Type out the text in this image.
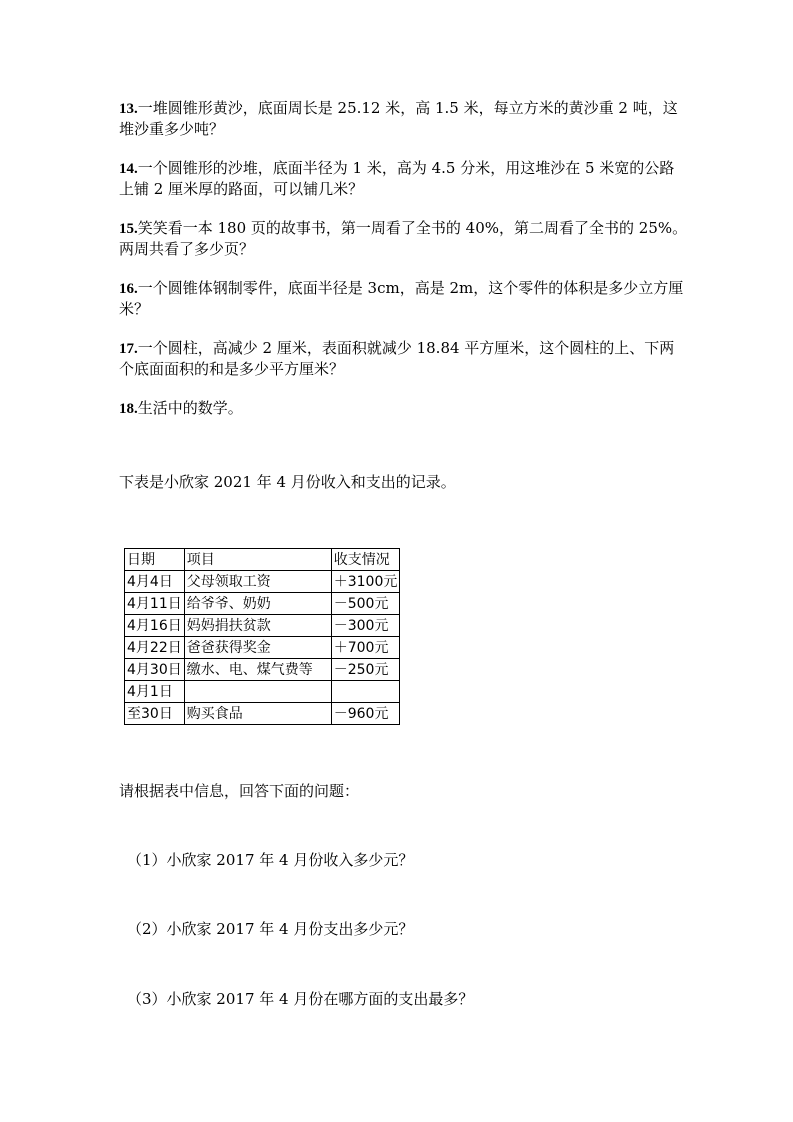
13.一堆圆锥形黄沙，底面周长是 25.12 米，高 1.5 米，每立方米的黄沙重 2 吨，这堆沙重多少吨？
14.一个圆锥形的沙堆，底面半径为 1 米，高为 4.5 分米，用这堆沙在 5 米宽的公路上铺 2 厘米厚的路面，可以铺几米？
15.笑笑看一本 180 页的故事书，第一周看了全书的 40%，第二周看了全书的 25%。两周共看了多少页？
16.一个圆锥体钢制零件，底面半径是 3cm，高是 2m，这个零件的体积是多少立方厘米？
17.一个圆柱，高减少 2 厘米，表面积就减少 18.84 平方厘米，这个圆柱的上、下两个底面面积的和是多少平方厘米？
18.生活中的数学。
下表是小欣家 2021 年 4 月份收入和支出的记录。
日期	项目	收支情况
4月4日	父母领取工资	＋3100元
4月11日	给爷爷、奶奶	－500元
4月16日	妈妈捐扶贫款	－300元
4月22日	爸爸获得奖金	＋700元
4月30日	缴水、电、煤气费等	－250元
4月1日		
至30日	购买食品	－960元
请根据表中信息，回答下面的问题：
（1）小欣家 2017 年 4 月份收入多少元？
（2）小欣家 2017 年 4 月份支出多少元？
（3）小欣家 2017 年 4 月份在哪方面的支出最多？
